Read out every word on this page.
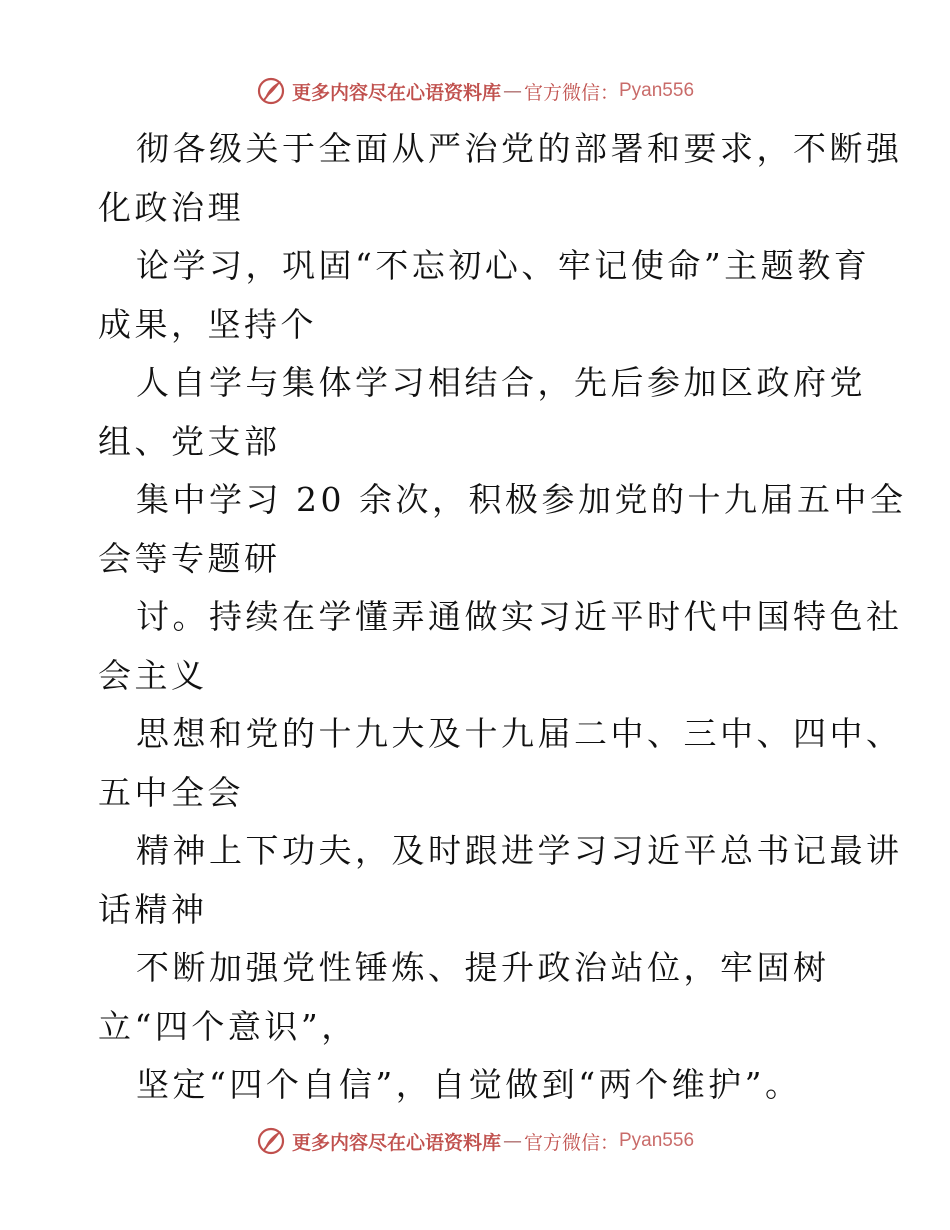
更多内容尽在心语资料库 — 官方微信： Pyan556
彻各级关于全面从严治党的部署和要求，不断强
化政治理
论学习，巩固“不忘初心、牢记使命”主题教育
成果，坚持个
人自学与集体学习相结合，先后参加区政府党
组、党支部
集中学习 20 余次，积极参加党的十九届五中全
会等专题研
讨。持续在学懂弄通做实习近平时代中国特色社
会主义
思想和党的十九大及十九届二中、三中、四中、
五中全会
精神上下功夫，及时跟进学习习近平总书记最讲
话精神
不断加强党性锤炼、提升政治站位，牢固树
立“四个意识”，
坚定“四个自信”，自觉做到“两个维护”。
更多内容尽在心语资料库 — 官方微信： Pyan556
